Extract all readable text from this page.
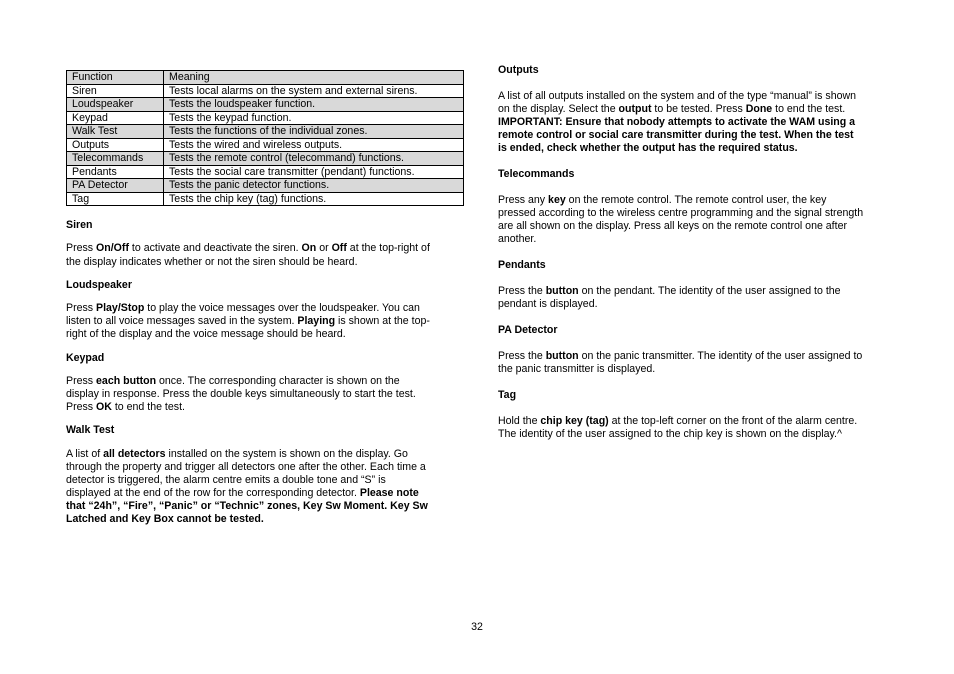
Function	Meaning
Siren	Tests local alarms on the system and external sirens.
Loudspeaker	Tests the loudspeaker function.
Keypad	Tests the keypad function.
Walk Test	Tests the functions of the individual zones.
Outputs	Tests the wired and wireless outputs.
Telecommands	Tests the remote control (telecommand) functions.
Pendants	Tests the social care transmitter (pendant) functions.
PA Detector	Tests the panic detector functions.
Tag	Tests the chip key (tag) functions.
Siren
Press On/Off to activate and deactivate the siren. On or Off at the top-right of
the display indicates whether or not the siren should be heard.
Loudspeaker
Press Play/Stop to play the voice messages over the loudspeaker. You can
listen to all voice messages saved in the system. Playing is shown at the top-
right of the display and the voice message should be heard.
Keypad
Press each button once. The corresponding character is shown on the
display in response. Press the double keys simultaneously to start the test.
Press OK to end the test.
Walk Test
A list of all detectors installed on the system is shown on the display. Go
through the property and trigger all detectors one after the other. Each time a
detector is triggered, the alarm centre emits a double tone and “S” is
displayed at the end of the row for the corresponding detector. Please note
that “24h”, “Fire”, “Panic” or “Technic” zones, Key Sw Moment. Key Sw
Latched and Key Box cannot be tested.
Outputs
A list of all outputs installed on the system and of the type “manual” is shown
on the display. Select the output to be tested. Press Done to end the test.
IMPORTANT: Ensure that nobody attempts to activate the WAM using a
remote control or social care transmitter during the test. When the test
is ended, check whether the output has the required status.
Telecommands
Press any key on the remote control. The remote control user, the key
pressed according to the wireless centre programming and the signal strength
are all shown on the display. Press all keys on the remote control one after
another.
Pendants
Press the button on the pendant. The identity of the user assigned to the
pendant is displayed.
PA Detector
Press the button on the panic transmitter. The identity of the user assigned to
the panic transmitter is displayed.
Tag
Hold the chip key (tag) at the top-left corner on the front of the alarm centre.
The identity of the user assigned to the chip key is shown on the display.^
32
